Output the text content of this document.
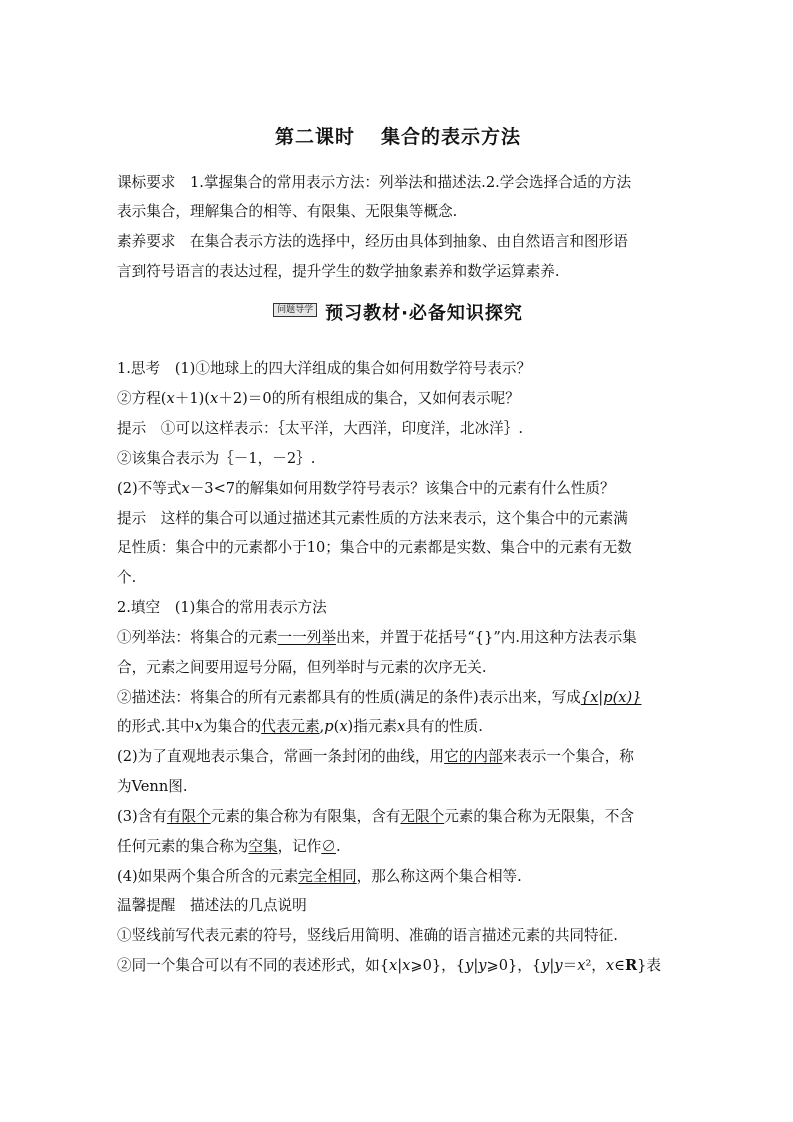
第二课时 集合的表示方法
课标要求　1.掌握集合的常用表示方法：列举法和描述法.2.学会选择合适的方法
表示集合，理解集合的相等、有限集、无限集等概念.
素养要求　在集合表示方法的选择中，经历由具体到抽象、由自然语言和图形语
言到符号语言的表达过程，提升学生的数学抽象素养和数学运算素养.
问题导学 预习教材·必备知识探究
1.思考　(1)①地球上的四大洋组成的集合如何用数学符号表示？
②方程(x＋1)(x＋2)＝0的所有根组成的集合，又如何表示呢？
提示　①可以这样表示：｛太平洋，大西洋，印度洋，北冰洋｝.
②该集合表示为｛－1，－2｝.
(2)不等式x－3<7的解集如何用数学符号表示？该集合中的元素有什么性质？
提示　这样的集合可以通过描述其元素性质的方法来表示，这个集合中的元素满
足性质：集合中的元素都小于10；集合中的元素都是实数、集合中的元素有无数
个.
2.填空　(1)集合的常用表示方法
①列举法：将集合的元素一一列举出来，并置于花括号“{}”内.用这种方法表示集
合，元素之间要用逗号分隔，但列举时与元素的次序无关.
②描述法：将集合的所有元素都具有的性质(满足的条件)表示出来，写成{x|p(x)}
的形式.其中x为集合的代表元素,p(x)指元素x具有的性质.
(2)为了直观地表示集合，常画一条封闭的曲线，用它的内部来表示一个集合，称
为Venn图.
(3)含有有限个元素的集合称为有限集，含有无限个元素的集合称为无限集，不含
任何元素的集合称为空集，记作∅.
(4)如果两个集合所含的元素完全相同，那么称这两个集合相等.
温馨提醒　描述法的几点说明
①竖线前写代表元素的符号，竖线后用简明、准确的语言描述元素的共同特征.
②同一个集合可以有不同的表述形式，如{x|x⩾0}，{y|y⩾0}，{y|y＝x²，x∈R}表
